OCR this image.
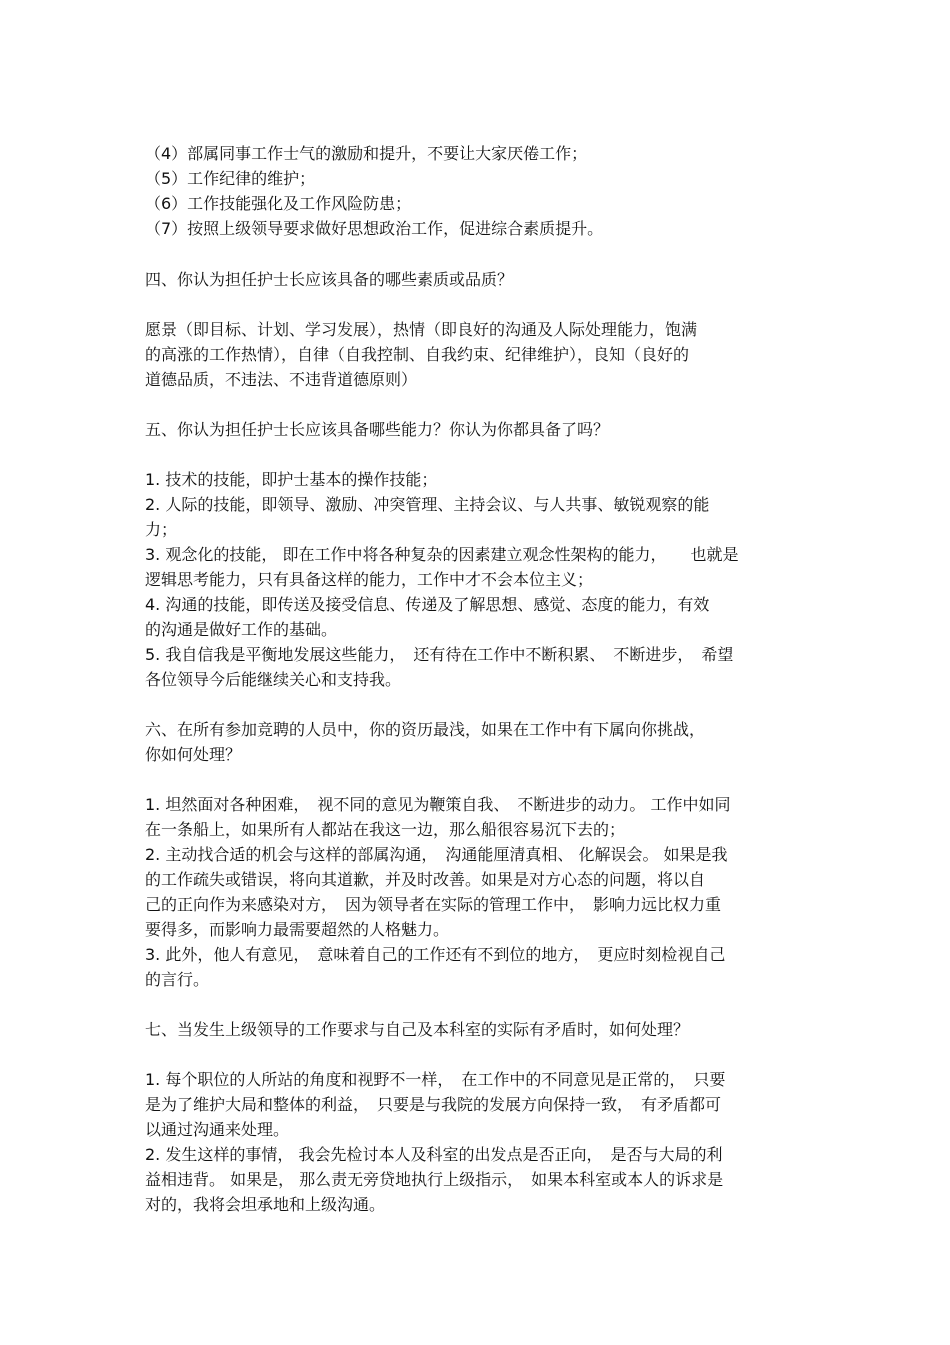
（4）部属同事工作士气的激励和提升，不要让大家厌倦工作；
（5）工作纪律的维护；
（6）工作技能强化及工作风险防患；
（7）按照上级领导要求做好思想政治工作，促进综合素质提升。
四、你认为担任护士长应该具备的哪些素质或品质？
愿景（即目标、计划、学习发展），热情（即良好的沟通及人际处理能力，饱满
的高涨的工作热情），自律（自我控制、自我约束、纪律维护），良知（良好的
道德品质，不违法、不违背道德原则）
五、你认为担任护士长应该具备哪些能力？你认为你都具备了吗？
1. 技术的技能，即护士基本的操作技能；
2. 人际的技能，即领导、激励、冲突管理、主持会议、与人共事、敏锐观察的能
力；
3. 观念化的技能， 即在工作中将各种复杂的因素建立观念性架构的能力，　　也就是
逻辑思考能力，只有具备这样的能力，工作中才不会本位主义；
4. 沟通的技能，即传送及接受信息、传递及了解思想、感觉、态度的能力，有效
的沟通是做好工作的基础。
5. 我自信我是平衡地发展这些能力，　还有待在工作中不断积累、　不断进步，　希望
各位领导今后能继续关心和支持我。
六、在所有参加竞聘的人员中，你的资历最浅，如果在工作中有下属向你挑战，
你如何处理？
1. 坦然面对各种困难，　视不同的意见为鞭策自我、　不断进步的动力。 工作中如同
在一条船上，如果所有人都站在我这一边，那么船很容易沉下去的；
2. 主动找合适的机会与这样的部属沟通，　沟通能厘清真相、 化解误会。 如果是我
的工作疏失或错误，将向其道歉，并及时改善。如果是对方心态的问题，将以自
己的正向作为来感染对方，　因为领导者在实际的管理工作中，　影响力远比权力重
要得多，而影响力最需要超然的人格魅力。
3. 此外，他人有意见，　意味着自己的工作还有不到位的地方，　更应时刻检视自己
的言行。
七、当发生上级领导的工作要求与自己及本科室的实际有矛盾时，如何处理？
1. 每个职位的人所站的角度和视野不一样，　在工作中的不同意见是正常的，　只要
是为了维护大局和整体的利益，　只要是与我院的发展方向保持一致，　有矛盾都可
以通过沟通来处理。
2. 发生这样的事情， 我会先检讨本人及科室的出发点是否正向，　是否与大局的利
益相违背。 如果是， 那么责无旁贷地执行上级指示，　如果本科室或本人的诉求是
对的，我将会坦承地和上级沟通。
